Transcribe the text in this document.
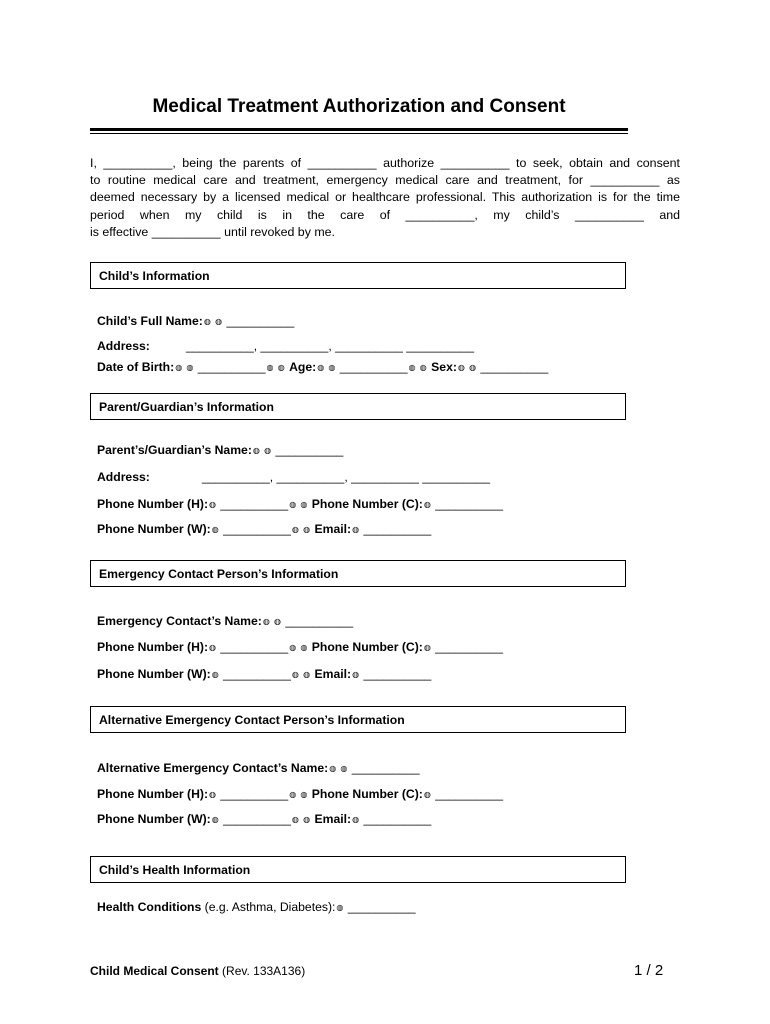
Medical Treatment Authorization and Consent
I, __________, being the parents of __________ authorize __________ to seek, obtain and consent
to routine medical care and treatment, emergency medical care and treatment, for __________ as
deemed necessary by a licensed medical or healthcare professional. This authorization is for the time
period when my child is in the care of __________, my child’s __________ and
is effective __________ until revoked by me.
Child’s Information
Child’s Full Name:◍ ◍ __________
Address:	__________, __________, __________ __________
Date of Birth:◍ ◍ __________◍ ◍ Age:◍ ◍ __________◍ ◍ Sex:◍ ◍ __________
Parent/Guardian’s Information
Parent’s/Guardian’s Name:◍ ◍ __________
Address:	__________, __________, __________ __________
Phone Number (H):◍ __________◍ ◍ Phone Number (C):◍ __________
Phone Number (W):◍ __________◍ ◍ Email:◍ __________
Emergency Contact Person’s Information
Emergency Contact’s Name:◍ ◍ __________
Phone Number (H):◍ __________◍ ◍ Phone Number (C):◍ __________
Phone Number (W):◍ __________◍ ◍ Email:◍ __________
Alternative Emergency Contact Person’s Information
Alternative Emergency Contact’s Name:◍ ◍ __________
Phone Number (H):◍ __________◍ ◍ Phone Number (C):◍ __________
Phone Number (W):◍ __________◍ ◍ Email:◍ __________
Child’s Health Information
Health Conditions (e.g. Asthma, Diabetes):◍ __________
Child Medical Consent (Rev. 133A136)	1 / 2
